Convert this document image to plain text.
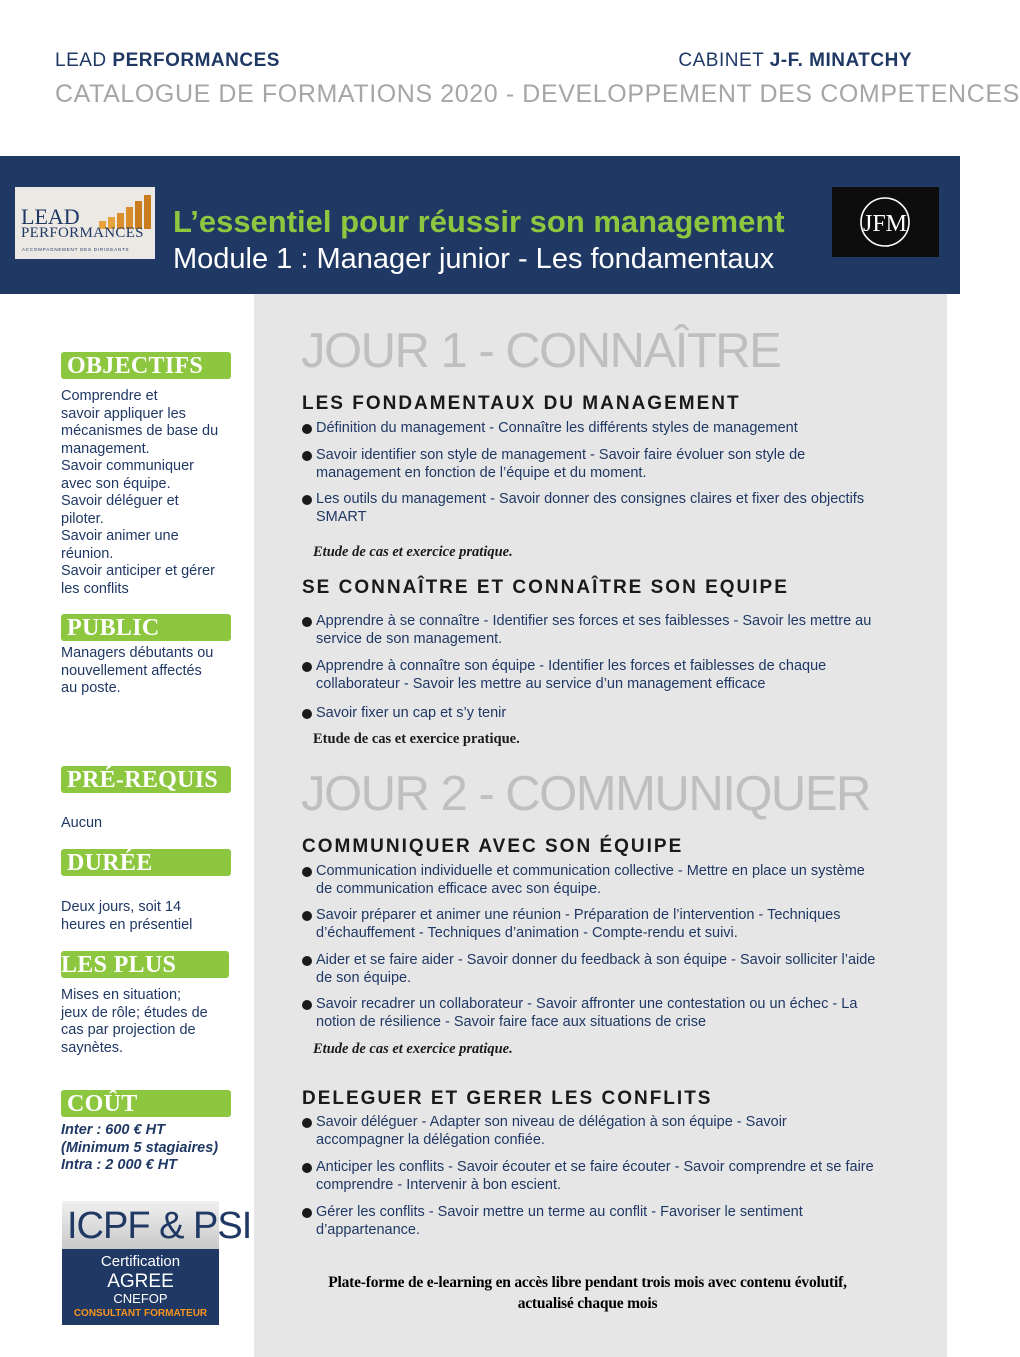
LEAD PERFORMANCES	CABINET J-F. MINATCHY
CATALOGUE DE FORMATIONS 2020 - DEVELOPPEMENT DES COMPETENCES
LEAD
PERFORMANCES
ACCOMPAGNEMENT DES DIRIGEANTS
L’essentiel pour réussir son management
Module 1 : Manager junior - Les fondamentaux
JFM
OBJECTIFS

Comprendre et

savoir appliquer les

mécanismes de base du

management.

Savoir communiquer

avec son équipe.

Savoir déléguer et

piloter.

Savoir animer une

réunion.

Savoir anticiper et gérer

les conflits

PUBLIC

Managers débutants ou

nouvellement affectés

au poste.

PRÉ-REQUIS

Aucun

DURÉE

Deux jours, soit 14

heures en présentiel

LES PLUS

Mises en situation;

jeux de rôle; études de

cas par projection de

saynètes.

COÛT

Inter : 600 € HT

(Minimum 5 stagiaires)

Intra : 2 000 € HT

ICPF & PSI
Certification
AGREE
CNEFOP
CONSULTANT FORMATEUR
JOUR 1 - CONNAÎTRE
LES FONDAMENTAUX DU MANAGEMENT
Définition du management - Connaître les différents styles de management
Savoir identifier son style de management - Savoir faire évoluer son style de management en fonction de l’équipe et du moment.
Les outils du management - Savoir donner des consignes claires et fixer des objectifs SMART
Etude de cas et exercice pratique.
SE CONNAÎTRE ET CONNAÎTRE SON EQUIPE
Apprendre à se connaître - Identifier ses forces et ses faiblesses - Savoir les mettre au service de son management.
Apprendre à connaître son équipe - Identifier les forces et faiblesses de chaque collaborateur - Savoir les mettre au service d’un management efficace
Savoir fixer un cap et s’y tenir
Etude de cas et exercice pratique.
JOUR 2 - COMMUNIQUER
COMMUNIQUER AVEC SON ÉQUIPE
Communication individuelle et communication collective - Mettre en place un système de communication efficace avec son équipe.
Savoir préparer et animer une réunion - Préparation de l’intervention - Techniques d’échauffement - Techniques d’animation - Compte-rendu et suivi.
Aider et se faire aider - Savoir donner du feedback à son équipe - Savoir solliciter l’aide de son équipe.
Savoir recadrer un collaborateur - Savoir affronter une contestation ou un échec - La notion de résilience - Savoir faire face aux situations de crise
Etude de cas et exercice pratique.
DELEGUER ET GERER LES CONFLITS
Savoir déléguer - Adapter son niveau de délégation à son équipe - Savoir accompagner la délégation confiée.
Anticiper les conflits - Savoir écouter et se faire écouter - Savoir comprendre et se faire comprendre - Intervenir à bon escient.
Gérer les conflits - Savoir mettre un terme au conflit - Favoriser le sentiment d’appartenance.
Plate-forme de e-learning en accès libre pendant trois mois avec contenu évolutif,
actualisé chaque mois
